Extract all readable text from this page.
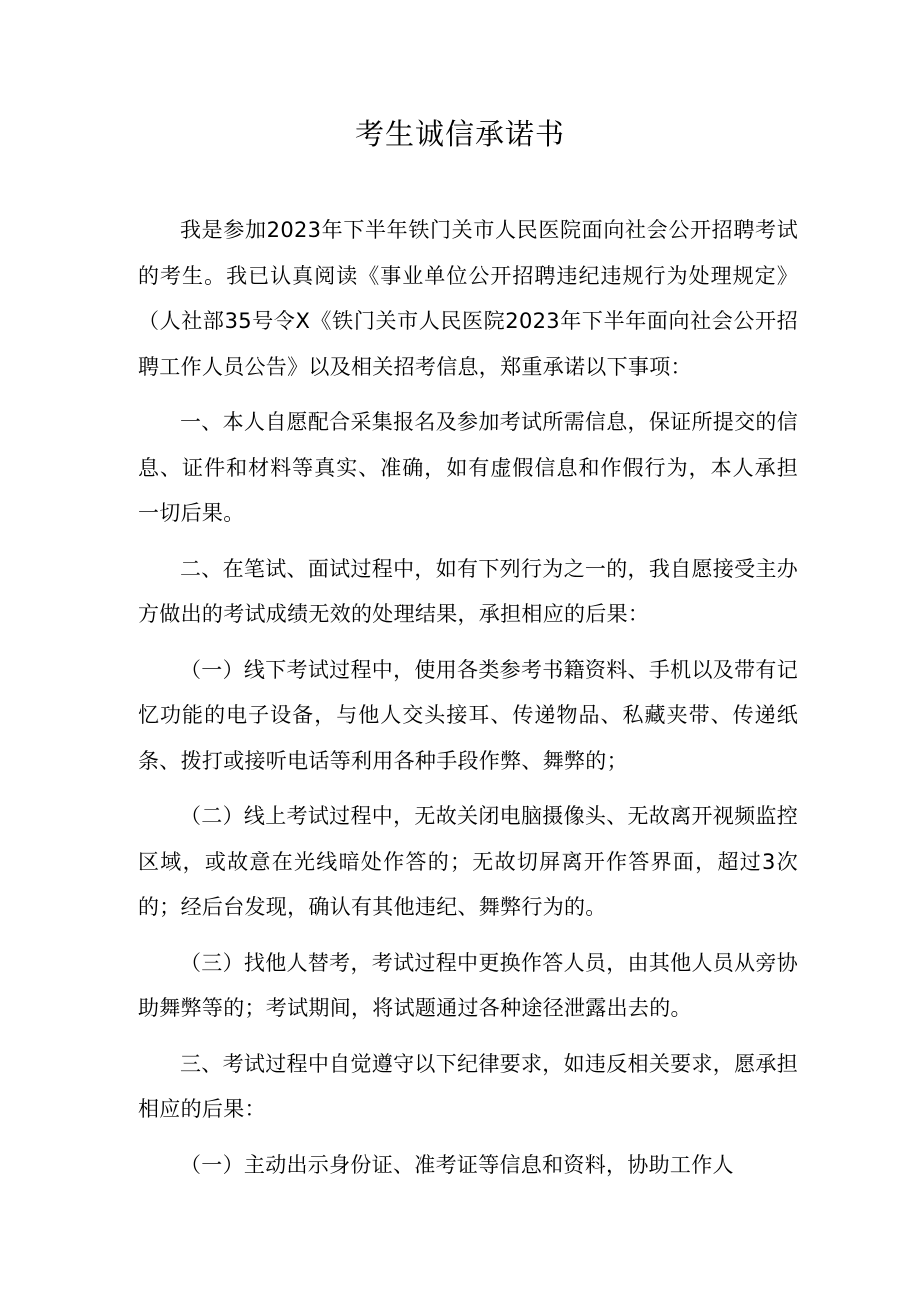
考生诚信承诺书

我是参加2023年下半年铁门关市人民医院面向社会公开招聘考试的考生。我已认真阅读《事业单位公开招聘违纪违规行为处理规定》（人社部35号令X《铁门关市人民医院2023年下半年面向社会公开招聘工作人员公告》以及相关招考信息，郑重承诺以下事项：

一、本人自愿配合采集报名及参加考试所需信息，保证所提交的信息、证件和材料等真实、准确，如有虚假信息和作假行为，本人承担一切后果。

二、在笔试、面试过程中，如有下列行为之一的，我自愿接受主办方做出的考试成绩无效的处理结果，承担相应的后果：

（一）线下考试过程中，使用各类参考书籍资料、手机以及带有记忆功能的电子设备，与他人交头接耳、传递物品、私藏夹带、传递纸条、拨打或接听电话等利用各种手段作弊、舞弊的；

（二）线上考试过程中，无故关闭电脑摄像头、无故离开视频监控区域，或故意在光线暗处作答的；无故切屏离开作答界面，超过3次的；经后台发现，确认有其他违纪、舞弊行为的。

（三）找他人替考，考试过程中更换作答人员，由其他人员从旁协助舞弊等的；考试期间，将试题通过各种途径泄露出去的。

三、考试过程中自觉遵守以下纪律要求，如违反相关要求，愿承担相应的后果：

（一）主动出示身份证、准考证等信息和资料，协助工作人
